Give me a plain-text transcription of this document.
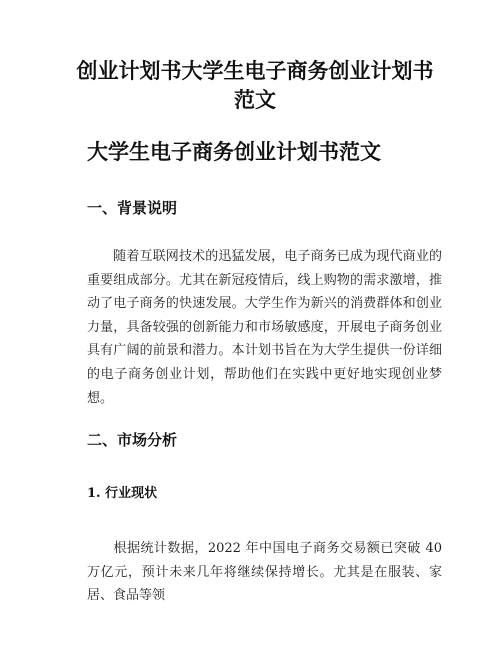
创业计划书大学生电子商务创业计划书范文
大学生电子商务创业计划书范文
一、背景说明

随着互联网技术的迅猛发展，电子商务已成为现代商业的重要组成部分。尤其在新冠疫情后，线上购物的需求激增，推动了电子商务的快速发展。大学生作为新兴的消费群体和创业力量，具备较强的创新能力和市场敏感度，开展电子商务创业具有广阔的前景和潜力。本计划书旨在为大学生提供一份详细的电子商务创业计划，帮助他们在实践中更好地实现创业梦想。

二、市场分析
1. 行业现状

根据统计数据，2022 年中国电子商务交易额已突破 40 万亿元，预计未来几年将继续保持增长。尤其是在服装、家居、食品等领
